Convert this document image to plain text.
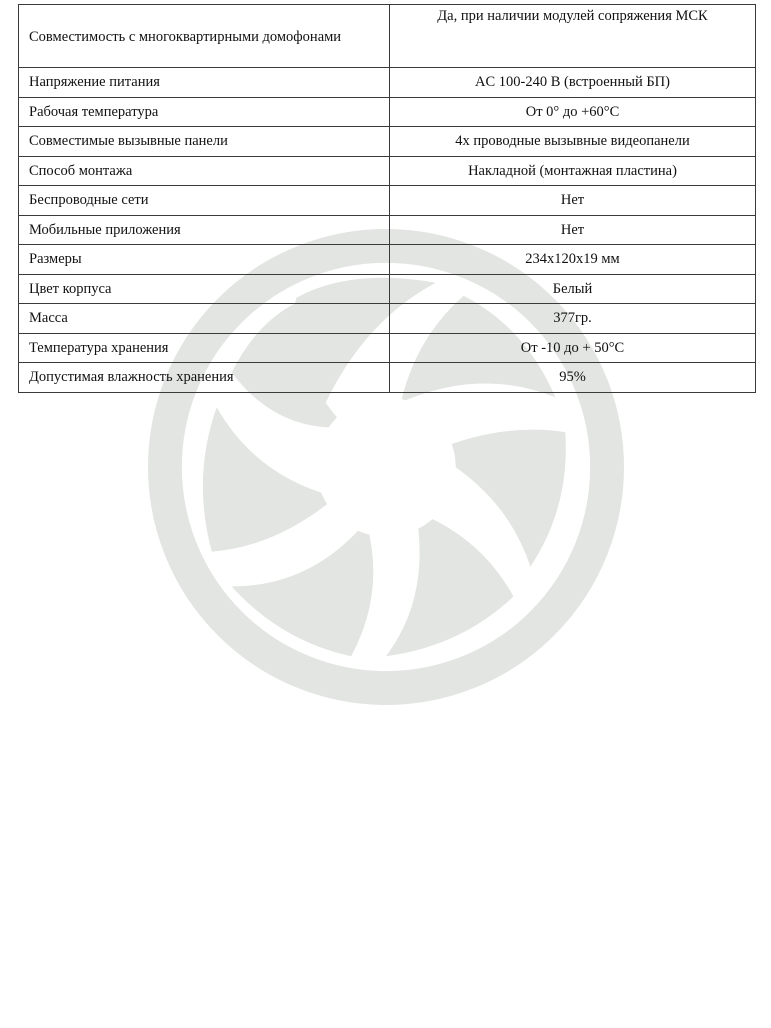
Совместимость с многоквартирными домофонами	Да, при наличии модулей сопряжения МСК
Напряжение питания	AC 100-240 В (встроенный БП)
Рабочая температура	От 0° до +60°C
Совместимые вызывные панели	4х проводные вызывные видеопанели
Способ монтажа	Накладной (монтажная пластина)
Беспроводные сети	Нет
Мобильные приложения	Нет
Размеры	234x120x19 мм
Цвет корпуса	Белый
Масса	377гр.
Температура хранения	От -10 до + 50°C
Допустимая влажность хранения	95%
